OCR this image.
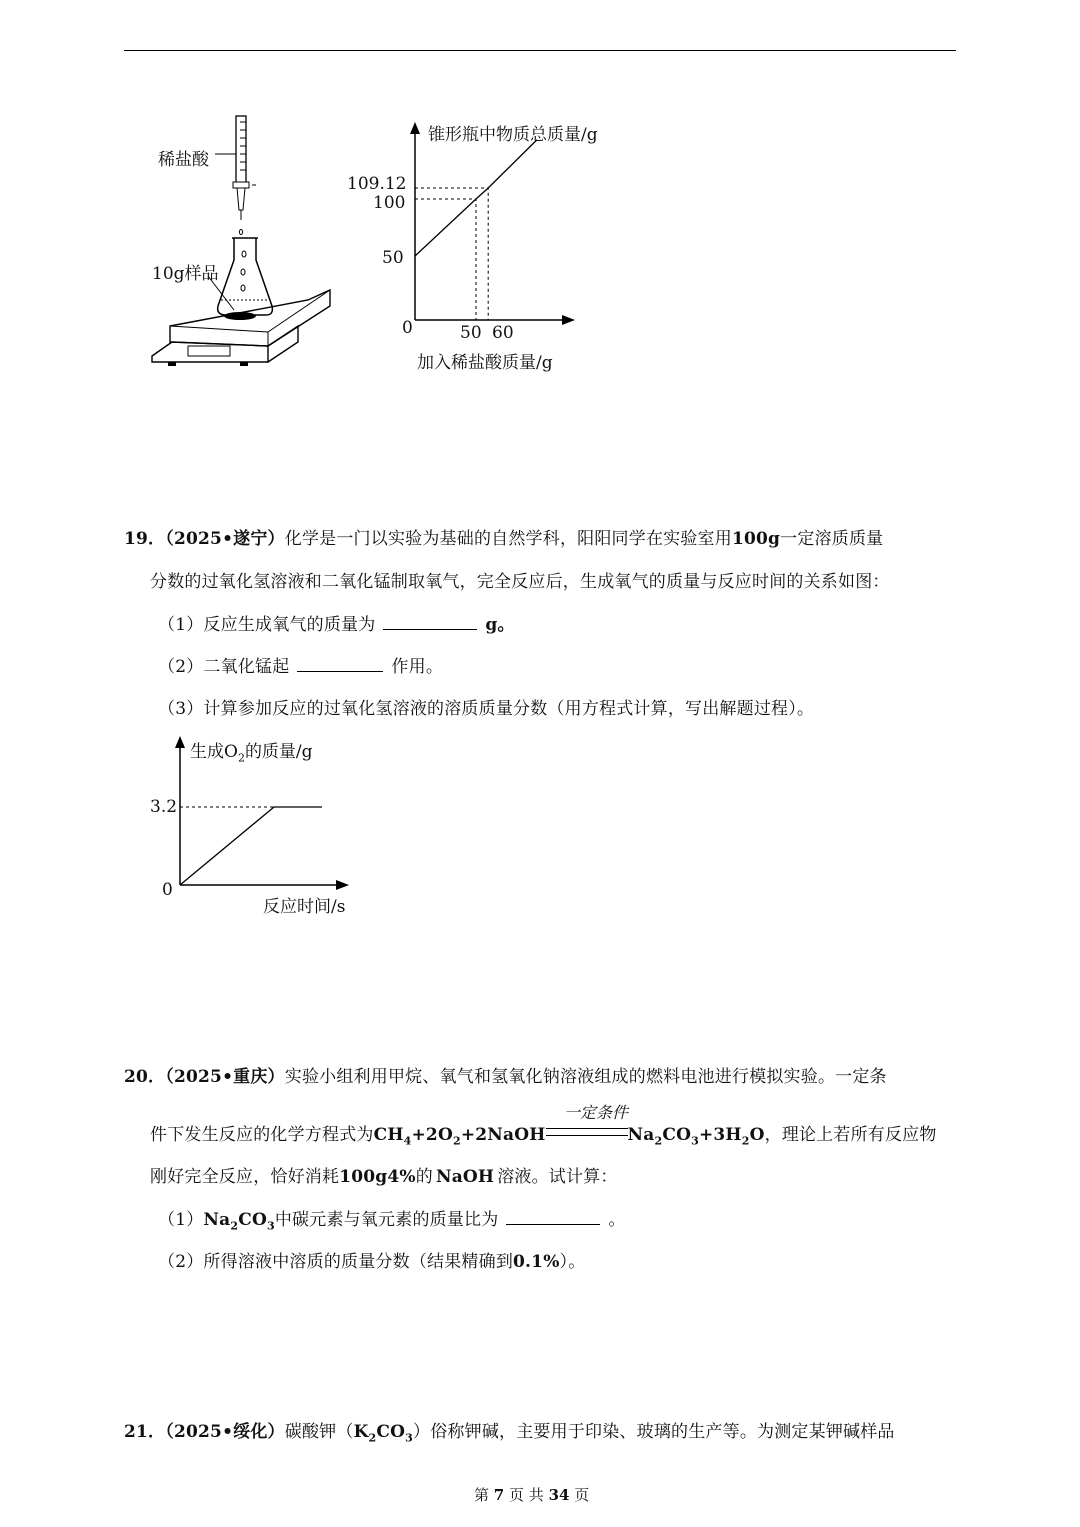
稀盐酸
10g样品
锥形瓶中物质总质量/g
109.12
100
50
0	50 60
加入稀盐酸质量/g
19．（2025•遂宁）化学是一门以实验为基础的自然学科，阳阳同学在实验室用100g一定溶质质量
分数的过氧化氢溶液和二氧化锰制取氧气，完全反应后，生成氧气的质量与反应时间的关系如图：
（1）反应生成氧气的质量为	g。
（2）二氧化锰起	作用。
（3）计算参加反应的过氧化氢溶液的溶质质量分数（用方程式计算，写出解题过程）。
生成$O_2$的质量/g
3.2
0
反应时间/s
20．（2025•重庆）实验小组利用甲烷、氧气和氢氧化钠溶液组成的燃料电池进行模拟实验。一定条
一定条件
件下发生反应的化学方程式为$CH_4+2O_2+2NaOH$	$Na_2CO_3+3H_2O$，理论上若所有反应物
刚好完全反应，恰好消耗100g4%的 NaOH 溶液。试计算：
$(1)Na_2CO_3$中碳元素与氧元素的质量比为	。
（2）所得溶液中溶质的质量分数（结果精确到0.1%）。
21．（2025•绥化）碳酸钾$(K_2CO_3)$俗称钾碱，主要用于印染、玻璃的生产等。为测定某钾碱样品
第 7 页 共 34 页
